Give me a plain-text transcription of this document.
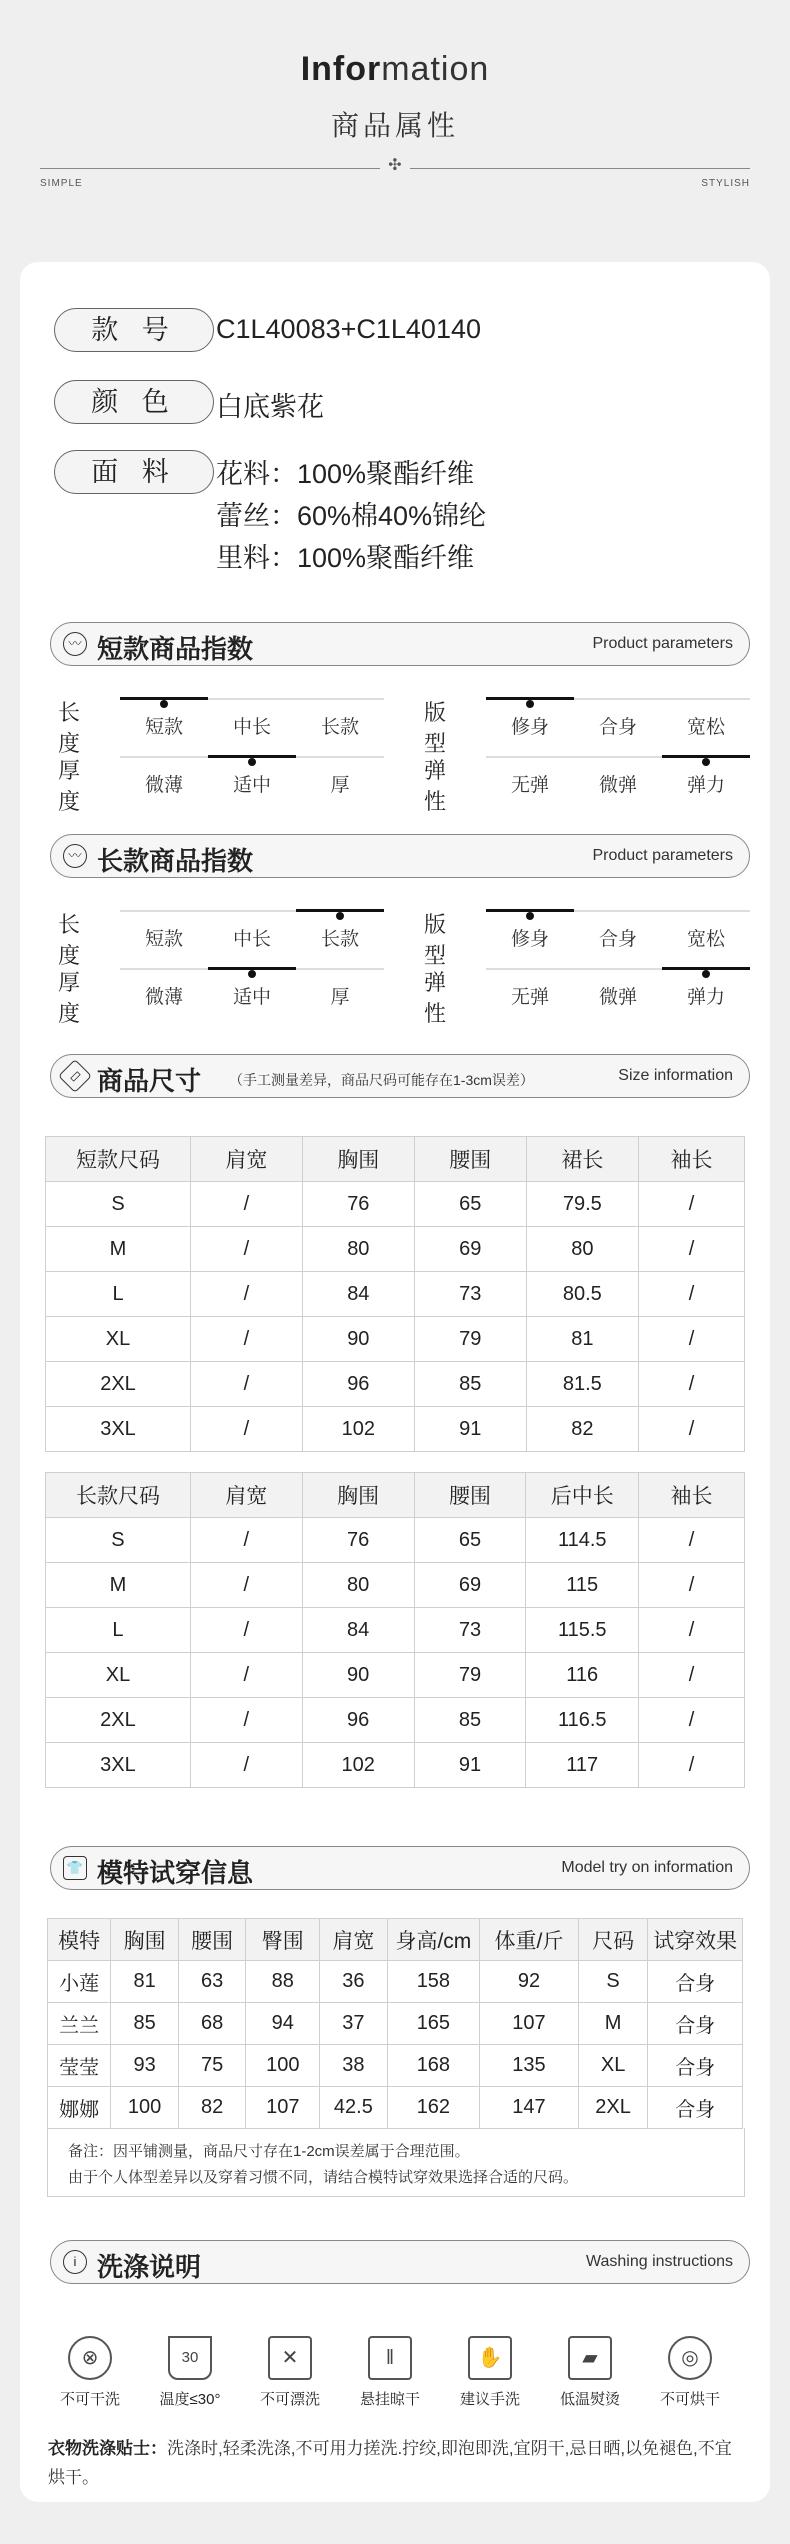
Information
商品属性
✣
SIMPLE	STYLISH
款 号	C1L40083+C1L40140
颜 色	白底紫花
面 料	花料：100%聚酯纤维
蕾丝：60%棉40%锦纶
里料：100%聚酯纤维
〰 短款商品指数	Product parameters
长度
短款	中长	长款
版型
修身	合身	宽松
厚度
微薄	适中	厚
弹性
无弹	微弹	弹力
〰 长款商品指数	Product parameters
长度
短款	中长	长款
版型
修身	合身	宽松
厚度
微薄	适中	厚
弹性
无弹	微弹	弹力
▭ 商品尺寸 （手工测量差异，商品尺码可能存在1-3cm误差）	Size information
短款尺码	肩宽	胸围	腰围	裙长	袖长
S	/	76	65	79.5	/
M	/	80	69	80	/
L	/	84	73	80.5	/
XL	/	90	79	81	/
2XL	/	96	85	81.5	/
3XL	/	102	91	82	/
长款尺码	肩宽	胸围	腰围	后中长	袖长
S	/	76	65	114.5	/
M	/	80	69	115	/
L	/	84	73	115.5	/
XL	/	90	79	116	/
2XL	/	96	85	116.5	/
3XL	/	102	91	117	/
👕 模特试穿信息	Model try on information
模特	胸围	腰围	臀围	肩宽	身高/cm	体重/斤	尺码	试穿效果
小莲	81	63	88	36	158	92	S	合身
兰兰	85	68	94	37	165	107	M	合身
莹莹	93	75	100	38	168	135	XL	合身
娜娜	100	82	107	42.5	162	147	2XL	合身
备注：因平铺测量，商品尺寸存在1-2cm误差属于合理范围。
由于个人体型差异以及穿着习惯不同，请结合模特试穿效果选择合适的尺码。
i 洗涤说明	Washing instructions
⊗
不可干洗
30
温度≤30°
✕
不可漂洗
‖
悬挂晾干
✋
建议手洗
▰
低温熨烫
◎
不可烘干
衣物洗涤贴士：洗涤时,轻柔洗涤,不可用力搓洗.拧绞,即泡即洗,宜阴干,忌日晒,以免褪色,不宜烘干。
